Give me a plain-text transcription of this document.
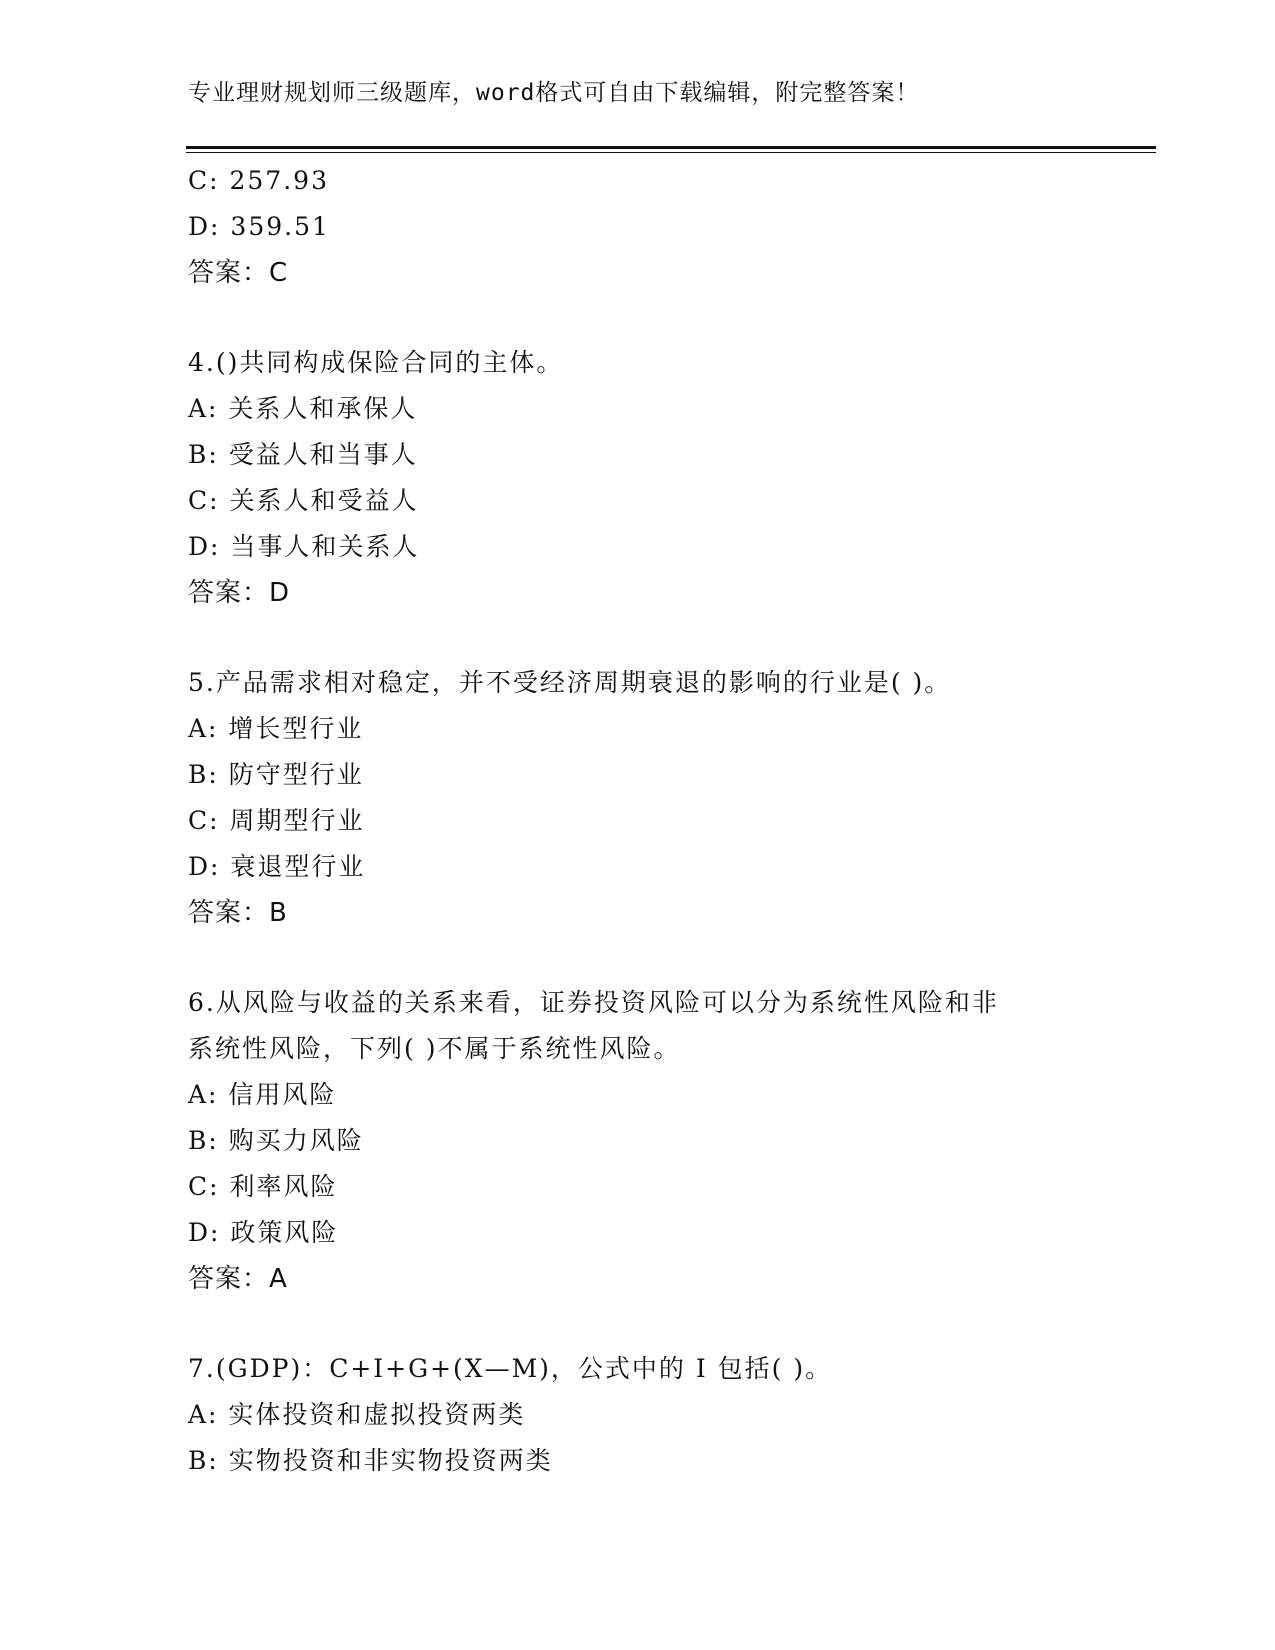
专业理财规划师三级题库，word格式可自由下载编辑，附完整答案！
C: 257.93
D: 359.51
答案：C
4.()共同构成保险合同的主体。
A: 关系人和承保人
B: 受益人和当事人
C: 关系人和受益人
D: 当事人和关系人
答案：D
5.产品需求相对稳定，并不受经济周期衰退的影响的行业是( )。
A: 增长型行业
B: 防守型行业
C: 周期型行业
D: 衰退型行业
答案：B
6.从风险与收益的关系来看，证券投资风险可以分为系统性风险和非
系统性风险，下列( )不属于系统性风险。
A: 信用风险
B: 购买力风险
C: 利率风险
D: 政策风险
答案：A
7.(GDP)：C+I+G+(X—M)，公式中的 I 包括( )。
A: 实体投资和虚拟投资两类
B: 实物投资和非实物投资两类
